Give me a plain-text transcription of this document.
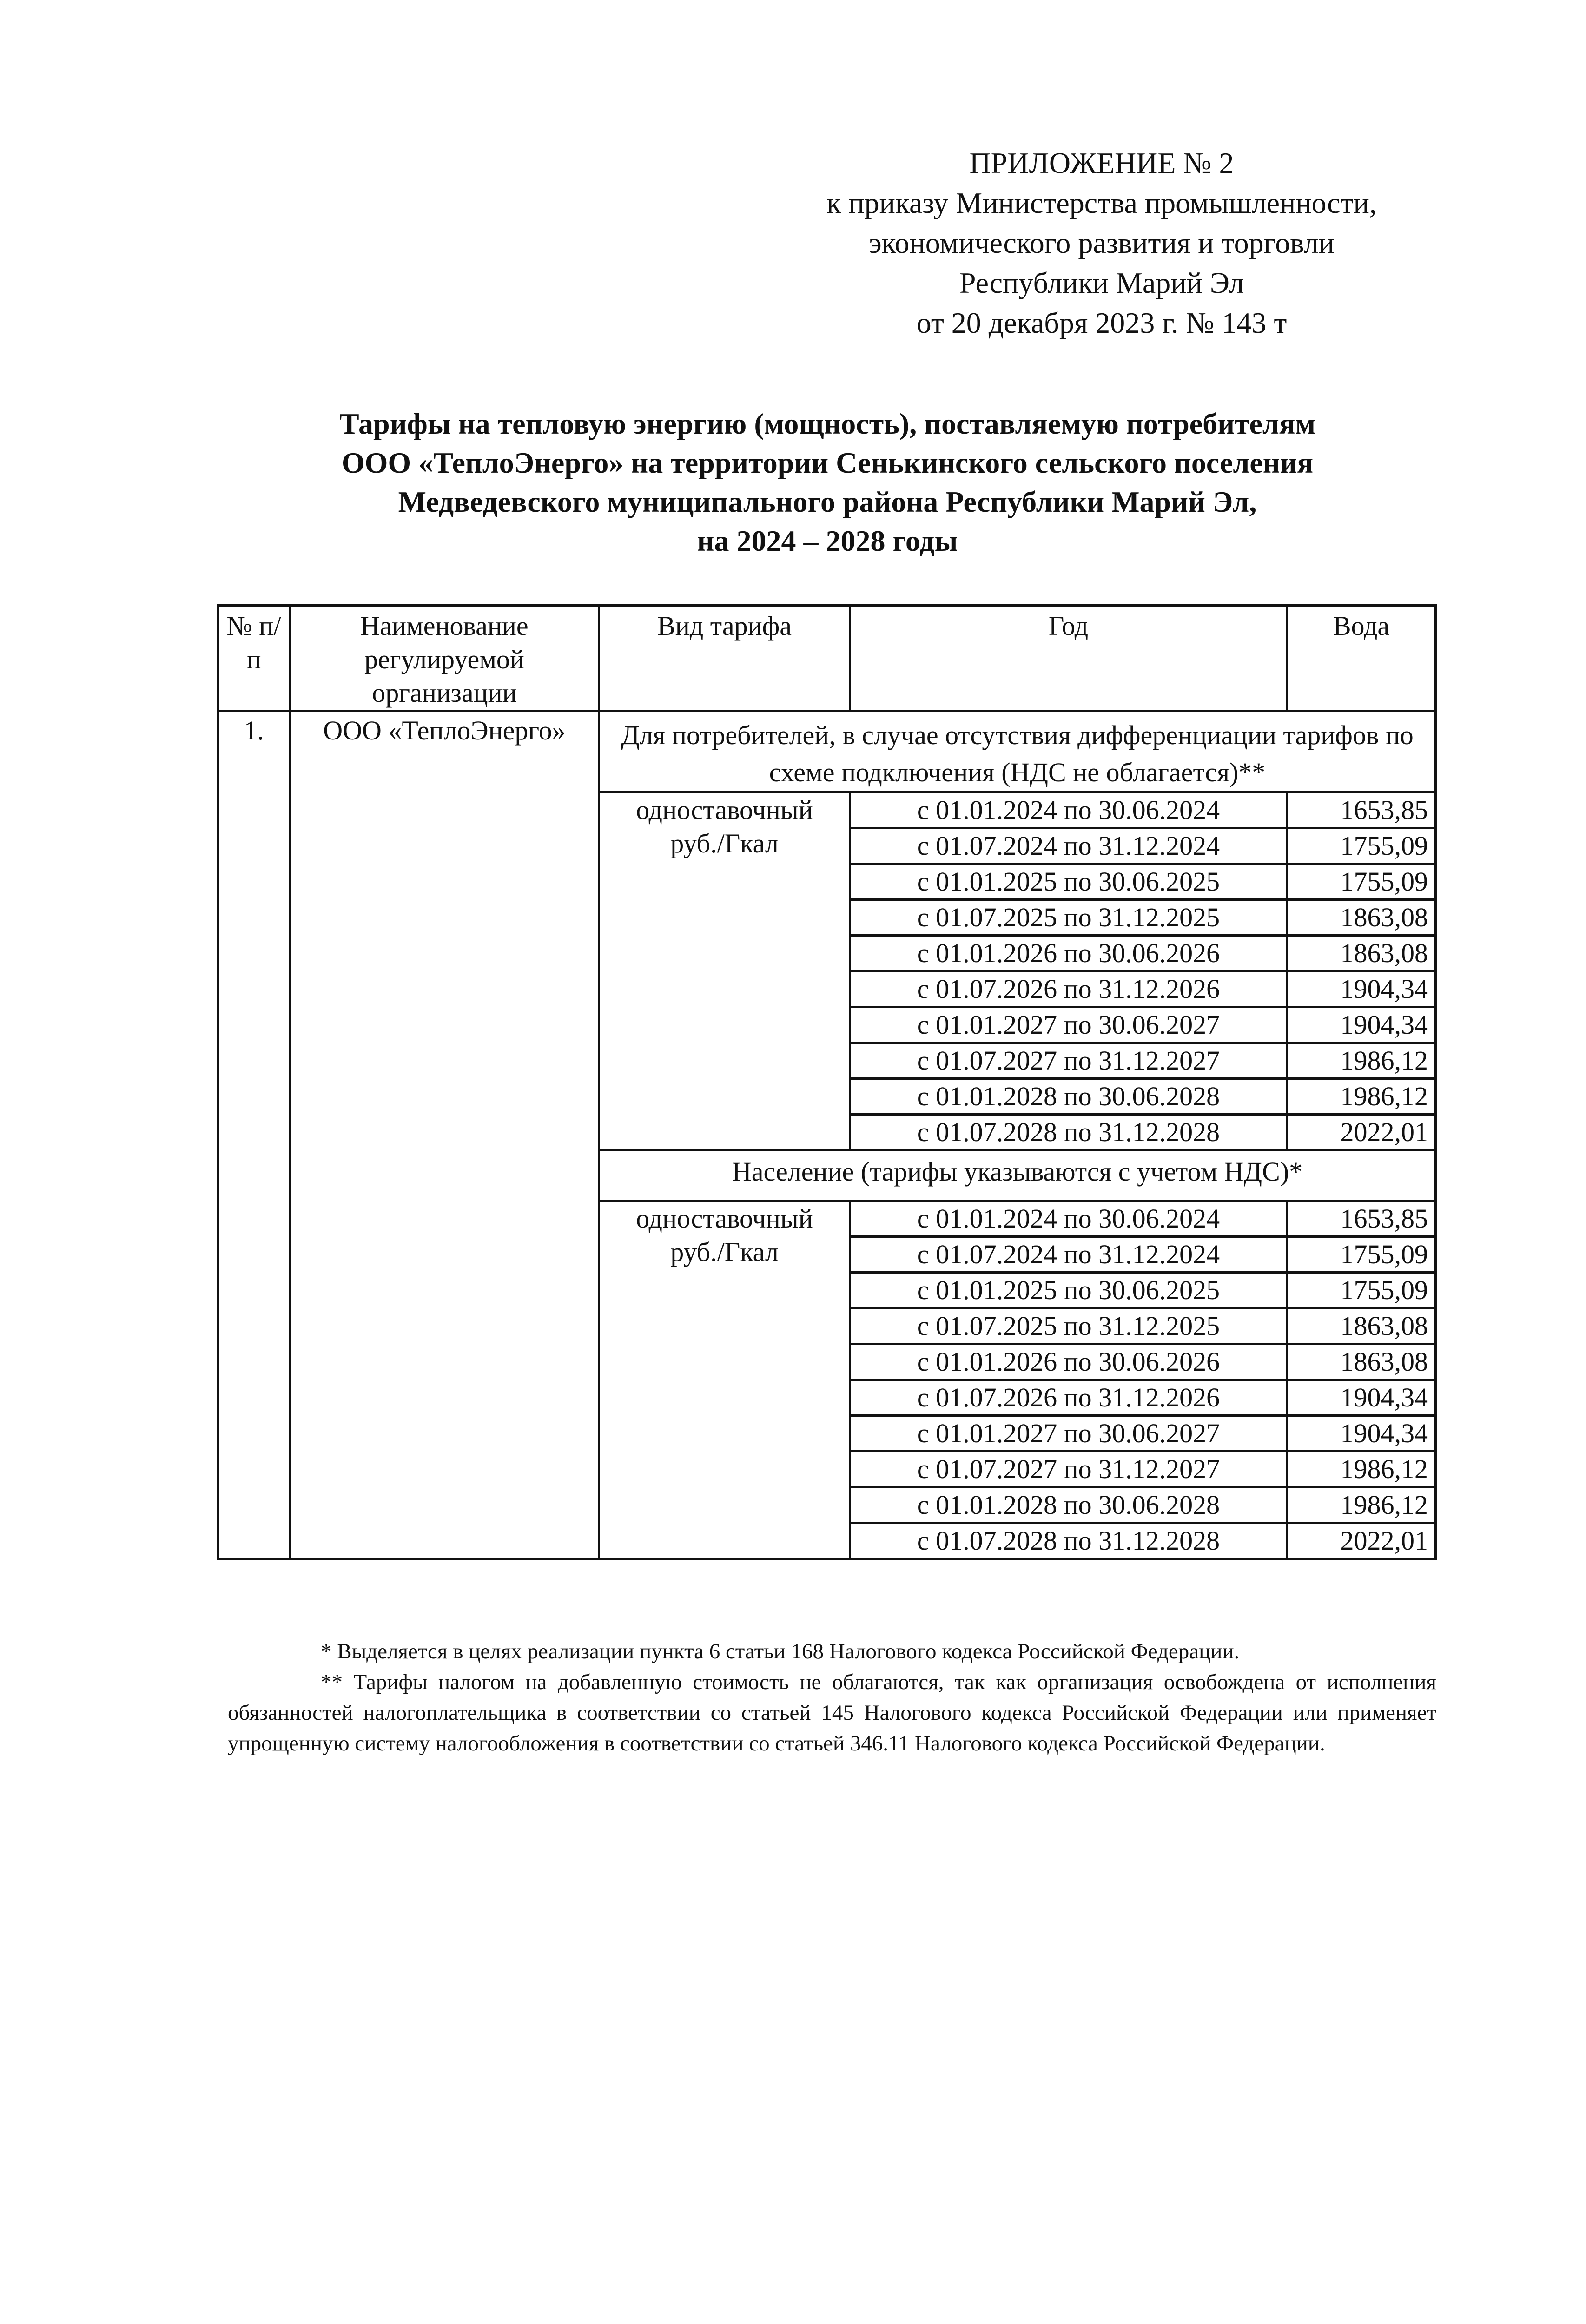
ПРИЛОЖЕНИЕ № 2
к приказу Министерства промышленности,
экономического развития и торговли
Республики Марий Эл
от 20 декабря 2023 г. № 143 т
Тарифы на тепловую энергию (мощность), поставляемую потребителям
ООО «ТеплоЭнерго» на территории Сенькинского сельского поселения
Медведевского муниципального района Республики Марий Эл,
на 2024 – 2028 годы
№ п/п	Наименование регулируемой организации	Вид тарифа	Год	Вода
1.	ООО «ТеплоЭнерго»	Для потребителей, в случае отсутствия дифференциации тарифов по схеме подключения (НДС не облагается)**		

		одноставочный
руб./Гкал	с 01.01.2024 по 30.06.2024	1653,85
			с 01.07.2024 по 31.12.2024	1755,09
			с 01.01.2025 по 30.06.2025	1755,09
			с 01.07.2025 по 31.12.2025	1863,08
			с 01.01.2026 по 30.06.2026	1863,08
			с 01.07.2026 по 31.12.2026	1904,34
			с 01.01.2027 по 30.06.2027	1904,34
			с 01.07.2027 по 31.12.2027	1986,12
			с 01.01.2028 по 30.06.2028	1986,12
			с 01.07.2028 по 31.12.2028	2022,01
		Население (тарифы указываются с учетом НДС)*		

		одноставочный
руб./Гкал	с 01.01.2024 по 30.06.2024	1653,85
			с 01.07.2024 по 31.12.2024	1755,09
			с 01.01.2025 по 30.06.2025	1755,09
			с 01.07.2025 по 31.12.2025	1863,08
			с 01.01.2026 по 30.06.2026	1863,08
			с 01.07.2026 по 31.12.2026	1904,34
			с 01.01.2027 по 30.06.2027	1904,34
			с 01.07.2027 по 31.12.2027	1986,12
			с 01.01.2028 по 30.06.2028	1986,12
			с 01.07.2028 по 31.12.2028	2022,01

* Выделяется в целях реализации пункта 6 статьи 168 Налогового кодекса Российской Федерации.

** Тарифы налогом на добавленную стоимость не облагаются, так как организация освобождена от исполнения обязанностей налогоплательщика в соответствии со статьей 145 Налогового кодекса Российской Федерации или применяет упрощенную систему налогообложения в соответствии со статьей 346.11 Налогового кодекса Российской Федерации.
